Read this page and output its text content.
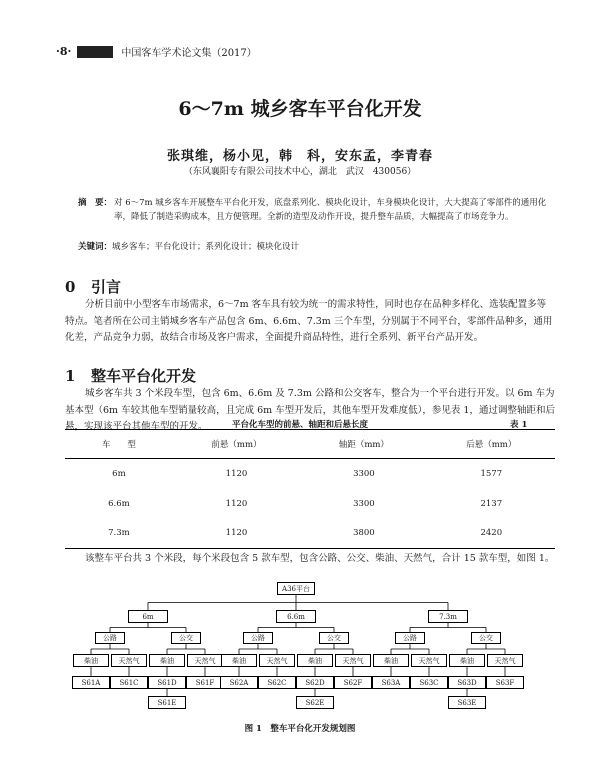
·8·	中国客车学术论文集（2017）
6～7m 城乡客车平台化开发
张琪维，杨小见，韩　科，安东孟，李青春
（东风襄阳专有限公司技术中心，湖北　武汉　430056）
摘　要： 对 6～7m 城乡客车开展整车平台化开发，底盘系列化、模块化设计，车身模块化设计，大大提高了零部件的通用化率，降低了制造采购成本，且方便管理。全新的造型及动作开设，提升整车品质，大幅提高了市场竞争力。
关键词：城乡客车；平台化设计；系列化设计；模块化设计
0 引言
分析目前中小型客车市场需求，6～7m 客车具有较为统一的需求特性，同时也存在品种多样化、选装配置多等特点。笔者所在公司主销城乡客车产品包含 6m、6.6m、7.3m 三个车型，分别属于不同平台，零部件品种多，通用化差，产品竞争力弱，故结合市场及客户需求，全面提升商品特性，进行全系列、新平台产品开发。
1 整车平台化开发
城乡客车共 3 个米段车型，包含 6m、6.6m 及 7.3m 公路和公交客车，整合为一个平台进行开发。以 6m 车为基本型（6m 车较其他车型销量较高，且完成 6m 车型开发后，其他车型开发难度低），参见表 1，通过调整轴距和后悬，实现该平台其他车型的开发。	平台化车型的前悬、轴距和后悬长度	表 1
车　　型	前悬（mm）	轴距（mm）	后悬（mm）
6m	1120	3300	1577
6.6m	1120	3300	2137
7.3m	1120	3800	2420
该整车平台共 3 个米段，每个米段包含 5 款车型，包含公路、公交、柴油、天然气，合计 15 款车型，如图 1。
A36平台
6m
公路
柴油
S61A
天然气
S61C
公交
柴油
S61D
S61E
天然气
S61F
6.6m
公路
柴油
S62A
天然气
S62C
公交
柴油
S62D
S62E
天然气
S62F
7.3m
公路
柴油
S63A
天然气
S63C
公交
柴油
S63D
S63E
天然气
S63F
图 1　整车平台化开发规划图
